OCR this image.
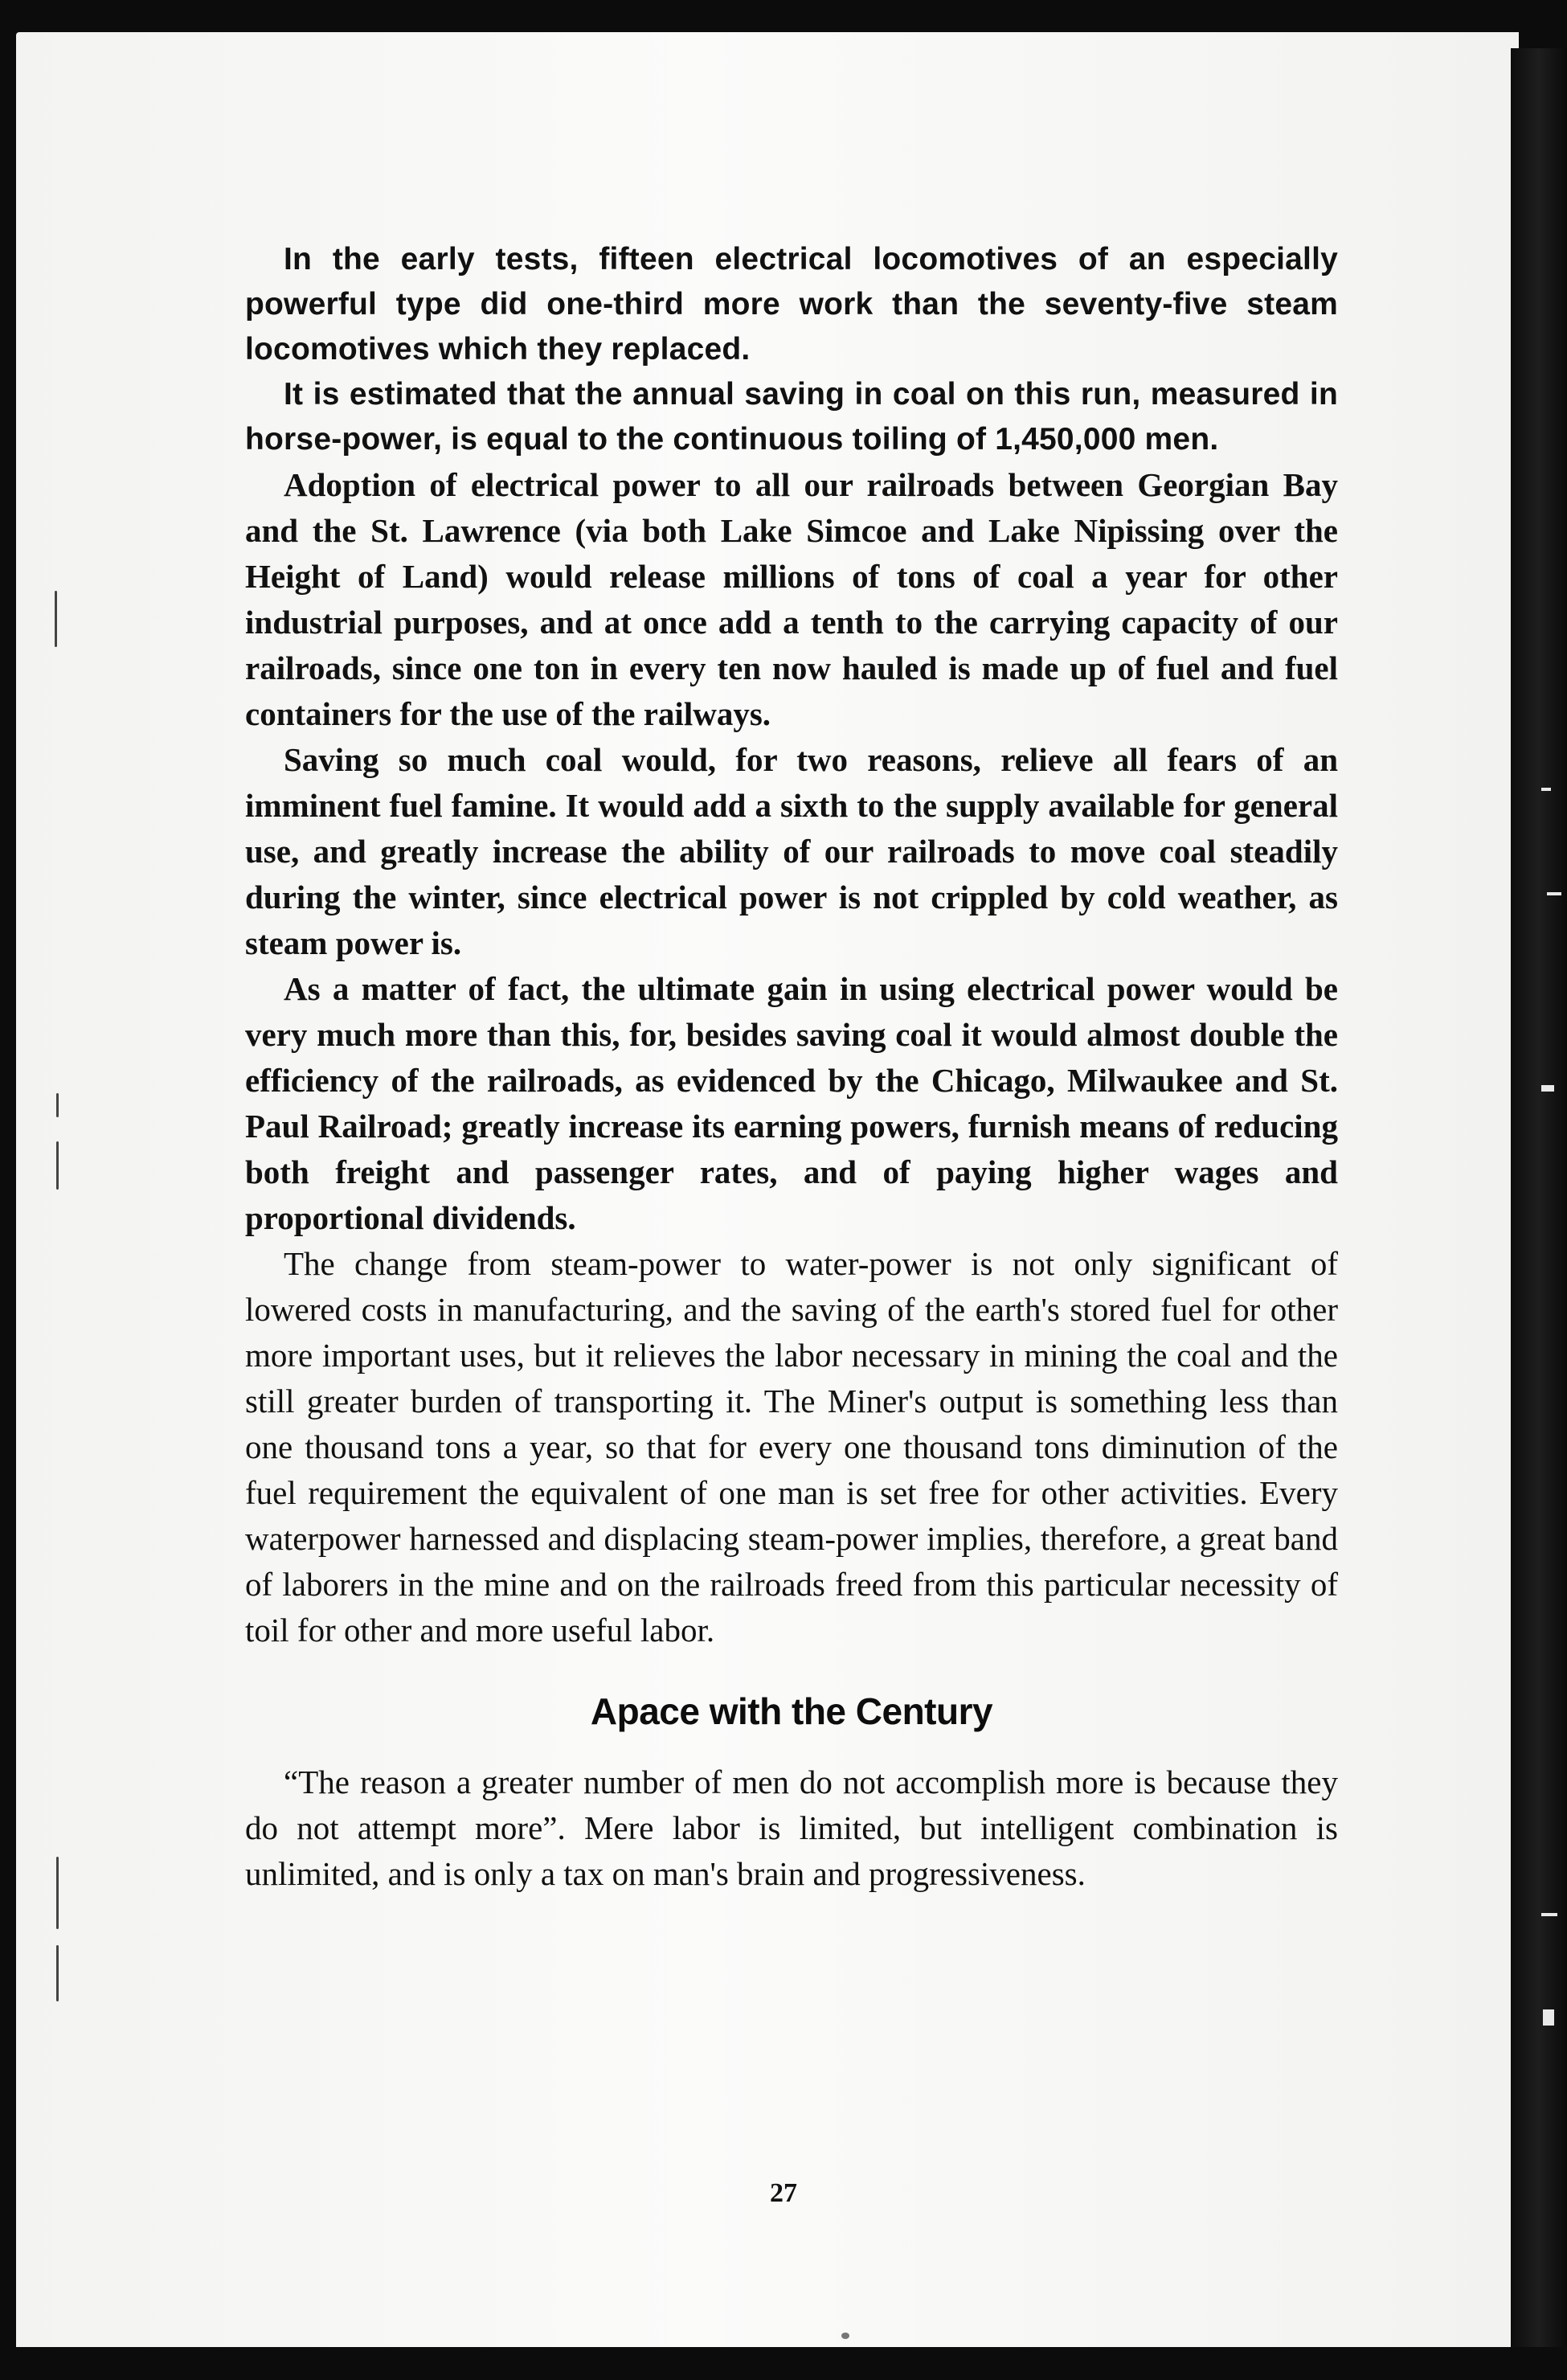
In the early tests, fifteen electrical locomotives of an especially powerful type did one-third more work than the seventy-five steam locomotives which they replaced.

It is estimated that the annual saving in coal on this run, measured in horse-power, is equal to the continuous toiling of 1,450,000 men.

Adoption of electrical power to all our railroads between Georgian Bay and the St. Lawrence (via both Lake Simcoe and Lake Nipissing over the Height of Land) would release millions of tons of coal a year for other industrial purposes, and at once add a tenth to the carrying capacity of our railroads, since one ton in every ten now hauled is made up of fuel and fuel containers for the use of the railways.

Saving so much coal would, for two reasons, relieve all fears of an imminent fuel famine. It would add a sixth to the supply available for general use, and greatly increase the ability of our railroads to move coal steadily during the winter, since electrical power is not crippled by cold weather, as steam power is.

As a matter of fact, the ultimate gain in using electrical power would be very much more than this, for, besides saving coal it would almost double the efficiency of the railroads, as evidenced by the Chicago, Milwaukee and St. Paul Railroad; greatly increase its earning powers, furnish means of reducing both freight and passenger rates, and of paying higher wages and proportional dividends.

The change from steam-power to water-power is not only significant of lowered costs in manufacturing, and the saving of the earth's stored fuel for other more important uses, but it relieves the labor necessary in mining the coal and the still greater burden of transporting it. The Miner's output is something less than one thousand tons a year, so that for every one thousand tons diminution of the fuel requirement the equivalent of one man is set free for other activities. Every waterpower harnessed and displacing steam-power implies, therefore, a great band of laborers in the mine and on the railroads freed from this particular necessity of toil for other and more useful labor.

Apace with the Century

“The reason a greater number of men do not accomplish more is because they do not attempt more”. Mere labor is limited, but intelligent combination is unlimited, and is only a tax on man's brain and progressiveness.

27
